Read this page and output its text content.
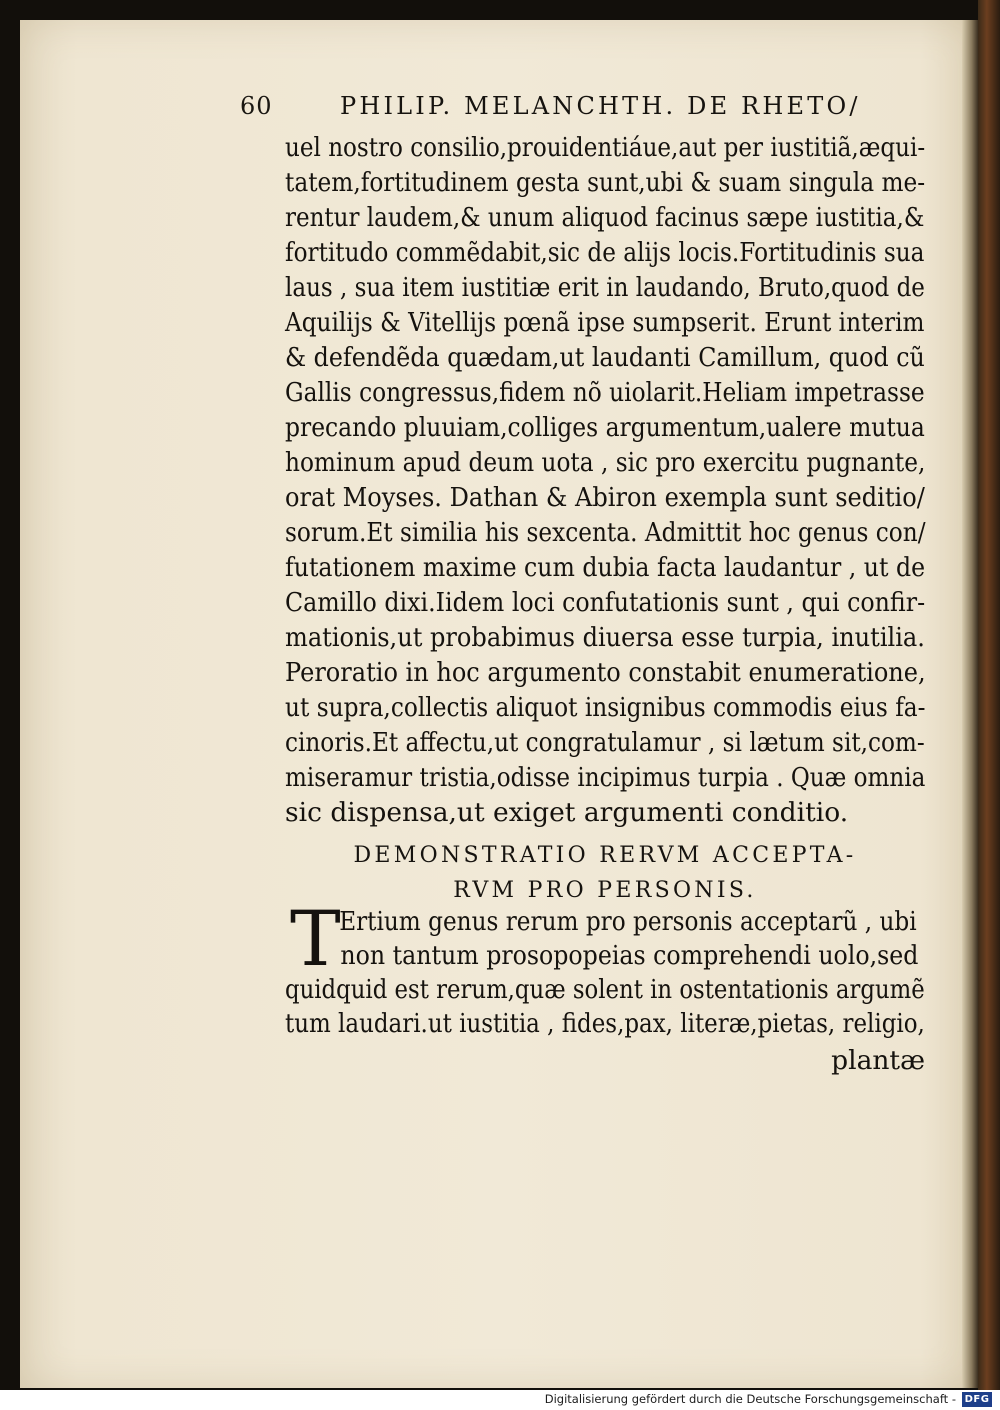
60	PHILIP. MELANCHTH. DE RHETO/
uel nostro consilio,prouidentiáue,aut per iustitiã,æqui-
tatem,fortitudinem gesta sunt,ubi & suam singula me-
rentur laudem,& unum aliquod facinus sæpe iustitia,&
fortitudo commẽdabit,sic de alijs locis.Fortitudinis sua
laus , sua item iustitiæ erit in laudando, Bruto,quod de
Aquilijs & Vitellijs pœnã ipse sumpserit. Erunt interim
& defendẽda quædam,ut laudanti Camillum, quod cũ
Gallis congressus,fidem nõ uiolarit.Heliam impetrasse
precando pluuiam,colliges argumentum,ualere mutua
hominum apud deum uota , sic pro exercitu pugnante,
orat Moyses. Dathan & Abiron exempla sunt seditio/
sorum.Et similia his sexcenta. Admittit hoc genus con/
futationem maxime cum dubia facta laudantur , ut de
Camillo dixi.Iidem loci confutationis sunt , qui confir-
mationis,ut probabimus diuersa esse turpia, inutilia.
Peroratio in hoc argumento constabit enumeratione,
ut supra,collectis aliquot insignibus commodis eius fa-
cinoris.Et affectu,ut congratulamur , si lætum sit,com-
miseramur tristia,odisse incipimus turpia . Quæ omnia
sic dispensa,ut exiget argumenti conditio.
DEMONSTRATIO RERVM ACCEPTA-
RVM PRO PERSONIS.
T
Ertium genus rerum pro personis acceptarũ , ubi
non tantum prosopopeias comprehendi uolo,sed
quidquid est rerum,quæ solent in ostentationis argumẽ
tum laudari.ut iustitia , fides,pax, literæ,pietas, religio,
plantæ
Digitalisierung gefördert durch die Deutsche Forschungsgemeinschaft - DFG
